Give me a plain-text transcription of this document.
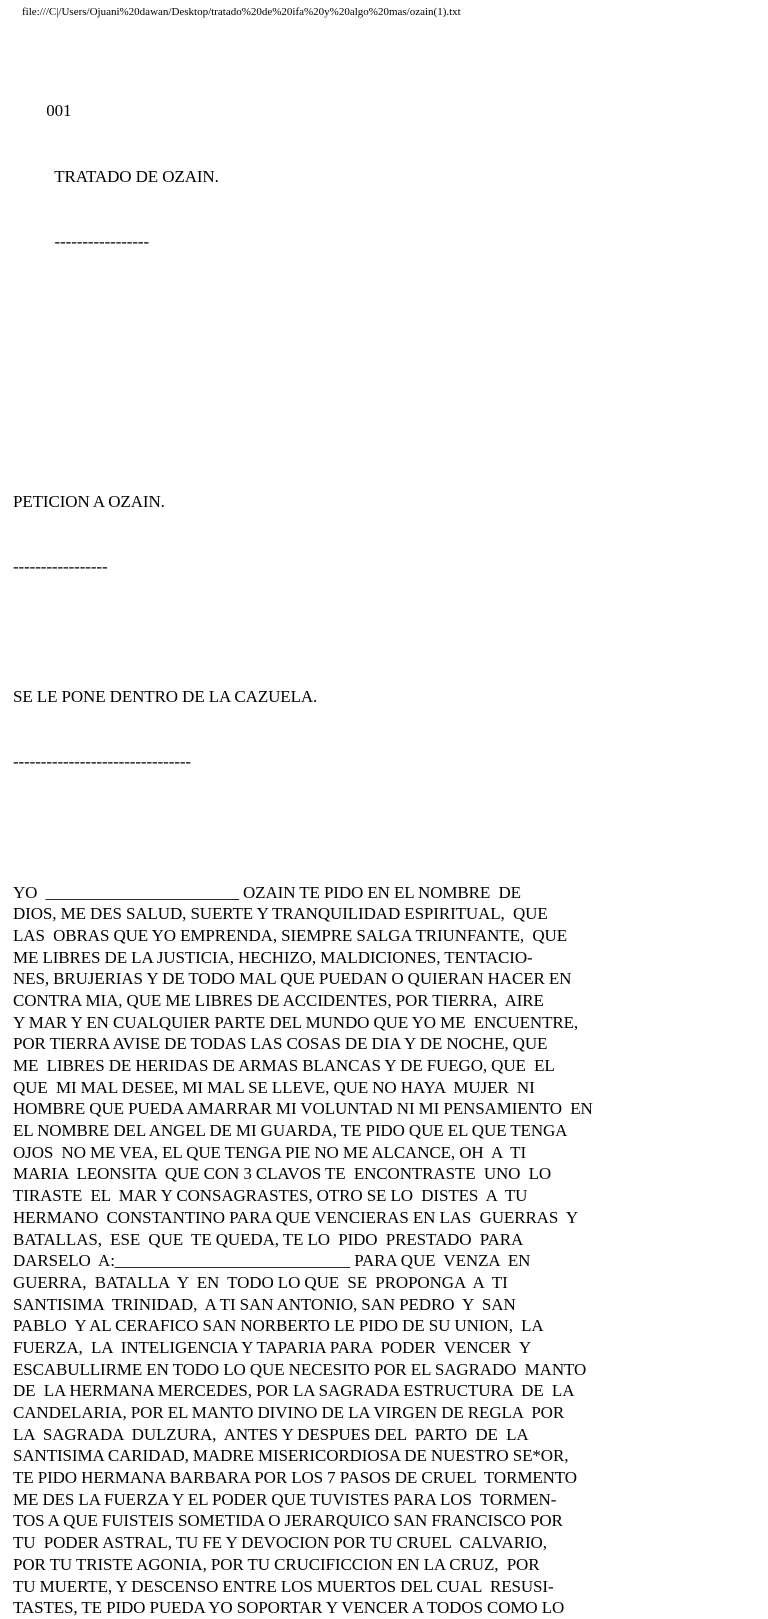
file:///C|/Users/Ojuani%20dawan/Desktop/tratado%20de%20ifa%20y%20algo%20mas/ozain(1).txt

001

TRATADO DE OZAIN.

-----------------

PETICION A OZAIN.

-----------------

SE LE PONE DENTRO DE LA CAZUELA.

--------------------------------

YO  _______________________ OZAIN TE PIDO EN EL NOMBRE  DE
DIOS, ME DES SALUD, SUERTE Y TRANQUILIDAD ESPIRITUAL,  QUE
LAS  OBRAS QUE YO EMPRENDA, SIEMPRE SALGA TRIUNFANTE,  QUE
ME LIBRES DE LA JUSTICIA, HECHIZO, MALDICIONES, TENTACIO-
NES, BRUJERIAS Y DE TODO MAL QUE PUEDAN O QUIERAN HACER EN
CONTRA MIA, QUE ME LIBRES DE ACCIDENTES, POR TIERRA,  AIRE
Y MAR Y EN CUALQUIER PARTE DEL MUNDO QUE YO ME  ENCUENTRE,
POR TIERRA AVISE DE TODAS LAS COSAS DE DIA Y DE NOCHE, QUE
ME  LIBRES DE HERIDAS DE ARMAS BLANCAS Y DE FUEGO, QUE  EL
QUE  MI MAL DESEE, MI MAL SE LLEVE, QUE NO HAYA  MUJER  NI
HOMBRE QUE PUEDA AMARRAR MI VOLUNTAD NI MI PENSAMIENTO  EN
EL NOMBRE DEL ANGEL DE MI GUARDA, TE PIDO QUE EL QUE TENGA
OJOS  NO ME VEA, EL QUE TENGA PIE NO ME ALCANCE, OH  A  TI
MARIA  LEONSITA  QUE CON 3 CLAVOS TE  ENCONTRASTE  UNO  LO
TIRASTE  EL  MAR Y CONSAGRASTES, OTRO SE LO  DISTES  A  TU
HERMANO  CONSTANTINO PARA QUE VENCIERAS EN LAS  GUERRAS  Y
BATALLAS,  ESE  QUE  TE QUEDA, TE LO  PIDO  PRESTADO  PARA
DARSELO  A:____________________________ PARA QUE  VENZA  EN
GUERRA,  BATALLA  Y  EN  TODO LO QUE  SE  PROPONGA  A  TI
SANTISIMA  TRINIDAD,  A TI SAN ANTONIO, SAN PEDRO  Y  SAN
PABLO  Y AL CERAFICO SAN NORBERTO LE PIDO DE SU UNION,  LA
FUERZA,  LA  INTELIGENCIA Y TAPARIA PARA  PODER  VENCER  Y
ESCABULLIRME EN TODO LO QUE NECESITO POR EL SAGRADO  MANTO
DE  LA HERMANA MERCEDES, POR LA SAGRADA ESTRUCTURA  DE  LA
CANDELARIA, POR EL MANTO DIVINO DE LA VIRGEN DE REGLA  POR
LA  SAGRADA  DULZURA,  ANTES Y DESPUES DEL  PARTO  DE  LA
SANTISIMA CARIDAD, MADRE MISERICORDIOSA DE NUESTRO SE*OR,
TE PIDO HERMANA BARBARA POR LOS 7 PASOS DE CRUEL  TORMENTO
ME DES LA FUERZA Y EL PODER QUE TUVISTES PARA LOS  TORMEN-
TOS A QUE FUISTEIS SOMETIDA O JERARQUICO SAN FRANCISCO POR
TU  PODER ASTRAL, TU FE Y DEVOCION POR TU CRUEL  CALVARIO,
POR TU TRISTE AGONIA, POR TU CRUCIFICCION EN LA CRUZ,  POR
TU MUERTE, Y DESCENSO ENTRE LOS MUERTOS DEL CUAL  RESUSI-
TASTES, TE PIDO PUEDA YO SOPORTAR Y VENCER A TODOS COMO LO
